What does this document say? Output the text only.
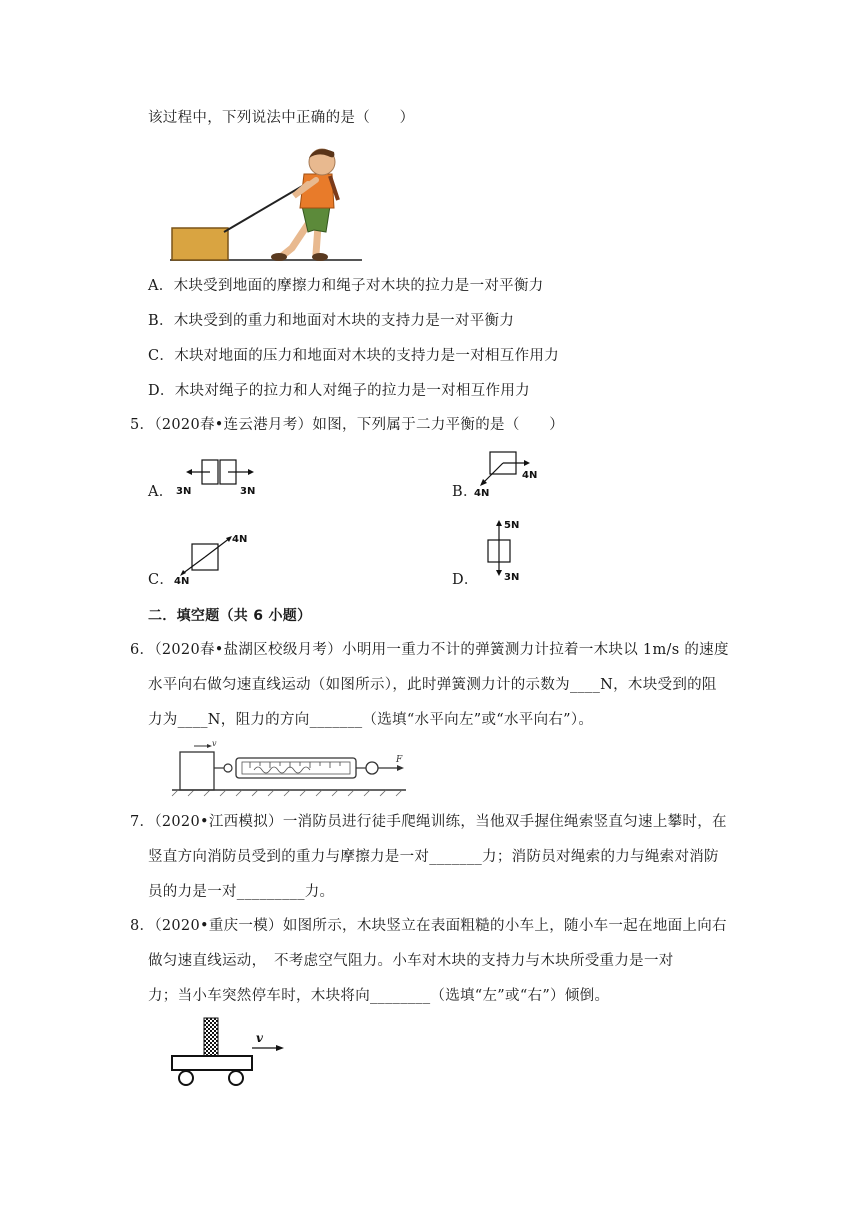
该过程中，下列说法中正确的是（　　）
A．木块受到地面的摩擦力和绳子对木块的拉力是一对平衡力
B．木块受到的重力和地面对木块的支持力是一对平衡力
C．木块对地面的压力和地面对木块的支持力是一对相互作用力
D．木块对绳子的拉力和人对绳子的拉力是一对相互作用力
5．（2020春•连云港月考）如图，下列属于二力平衡的是（　　）
A． 3N	3N	B．
4N
4N
C．
4N
4N	D．
5N
3N
二．填空题（共 6 小题）
6．（2020春•盐湖区校级月考）小明用一重力不计的弹簧测力计拉着一木块以 1m/s 的速度
水平向右做匀速直线运动（如图所示），此时弹簧测力计的示数为____N，木块受到的阻
力为____N，阻力的方向_______（选填“水平向左”或“水平向右”）。
v
F
7．（2020•江西模拟）一消防员进行徒手爬绳训练，当他双手握住绳索竖直匀速上攀时，在
竖直方向消防员受到的重力与摩擦力是一对_______力；消防员对绳索的力与绳索对消防
员的力是一对_________力。
8．（2020•重庆一模）如图所示，木块竖立在表面粗糙的小车上，随小车一起在地面上向右
做匀速直线运动，　不考虑空气阻力。小车对木块的支持力与木块所受重力是一对
力；当小车突然停车时，木块将向________（选填“左”或“右”）倾倒。
v
